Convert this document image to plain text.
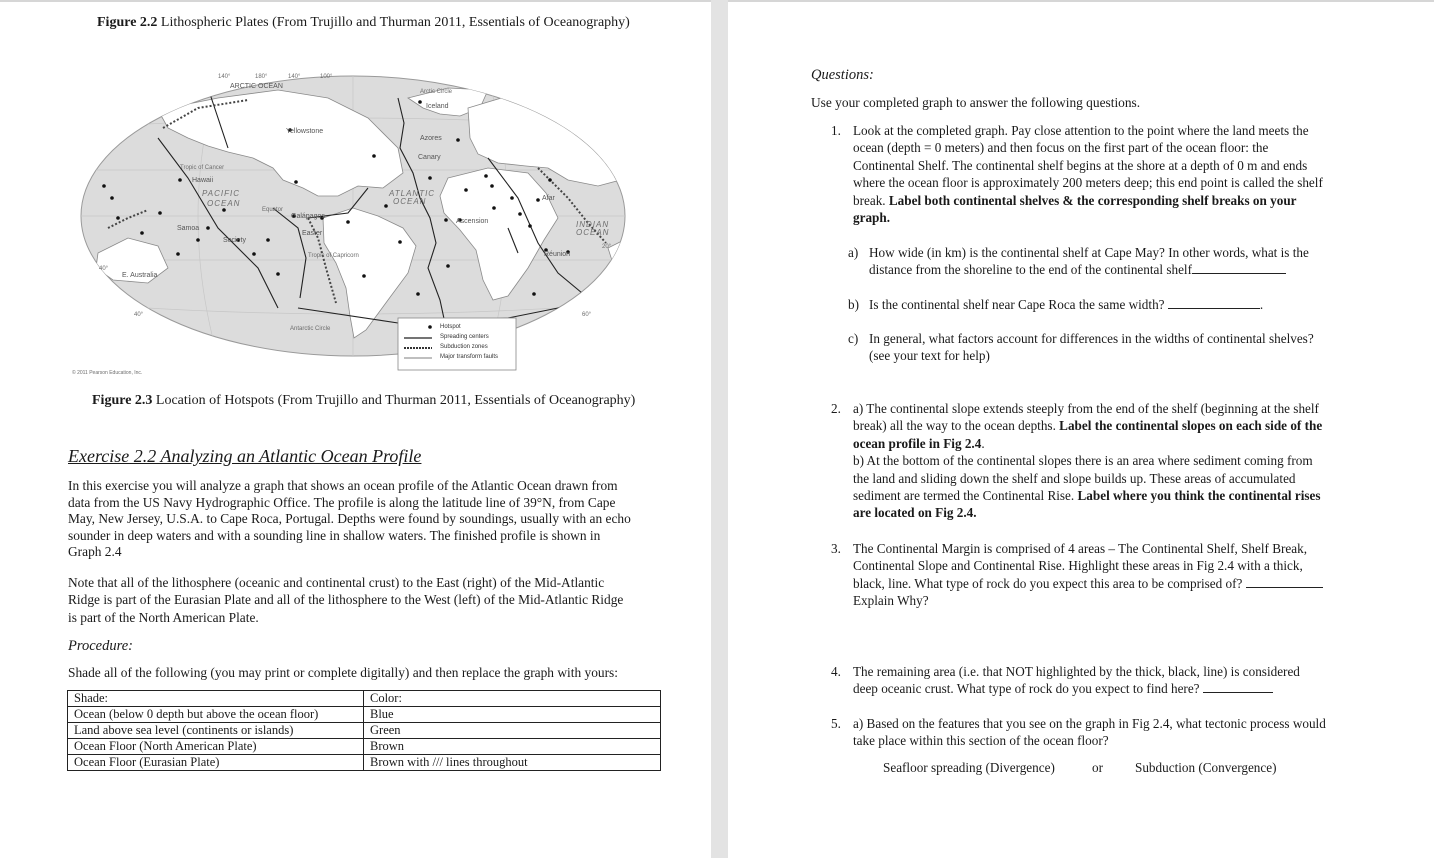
Figure 2.2 Lithospheric Plates (From Trujillo and Thurman 2011, Essentials of Oceanography)
ARCTIC OCEAN
140°	180°	140°	100°
Iceland
Yellowstone
Azores
Canary
Tropic of Cancer
Hawaii
PACIFIC
OCEAN
ATLANTIC
OCEAN
Equator
Afar
Galápagos
Ascension	INDIAN
OCEAN
Samoa
Easter
Society
20°
Tropic of Capricorn	Réunion
40°
E. Australia
40°	60°
Antarctic Circle
Arctic Circle
Hotspot
Spreading centers
Subduction zones
Major transform faults
© 2011 Pearson Education, Inc.
Figure 2.3 Location of Hotspots (From Trujillo and Thurman 2011, Essentials of Oceanography)
Exercise 2.2 Analyzing an Atlantic Ocean Profile
In this exercise you will analyze a graph that shows an ocean profile of the Atlantic Ocean drawn from
data from the US Navy Hydrographic Office. The profile is along the latitude line of 39°N, from Cape
May, New Jersey, U.S.A. to Cape Roca, Portugal. Depths were found by soundings, usually with an echo
sounder in deep waters and with a sounding line in shallow waters. The finished profile is shown in
Graph 2.4
Note that all of the lithosphere (oceanic and continental crust) to the East (right) of the Mid-Atlantic
Ridge is part of the Eurasian Plate and all of the lithosphere to the West (left) of the Mid-Atlantic Ridge
is part of the North American Plate.
Procedure:
Shade all of the following (you may print or complete digitally) and then replace the graph with yours:
Shade:	Color:
Ocean (below 0 depth but above the ocean floor)	Blue
Land above sea level (continents or islands)	Green
Ocean Floor (North American Plate)	Brown
Ocean Floor (Eurasian Plate)	Brown with /// lines throughout
Questions:
Use your completed graph to answer the following questions.
1. Look at the completed graph. Pay close attention to the point where the land meets the
ocean (depth = 0 meters) and then focus on the first part of the ocean floor: the
Continental Shelf. The continental shelf begins at the shore at a depth of 0 m and ends
where the ocean floor is approximately 200 meters deep; this end point is called the shelf
break. Label both continental shelves & the corresponding shelf breaks on your
graph.
a) How wide (in km) is the continental shelf at Cape May? In other words, what is the
distance from the shoreline to the end of the continental shelf
b) Is the continental shelf near Cape Roca the same width?	.
c) In general, what factors account for differences in the widths of continental shelves?
(see your text for help)
2. a) The continental slope extends steeply from the end of the shelf (beginning at the shelf
break) all the way to the ocean depths. Label the continental slopes on each side of the
ocean profile in Fig 2.4.
b) At the bottom of the continental slopes there is an area where sediment coming from
the land and sliding down the shelf and slope builds up. These areas of accumulated
sediment are termed the Continental Rise. Label where you think the continental rises
are located on Fig 2.4.
3. The Continental Margin is comprised of 4 areas – The Continental Shelf, Shelf Break,
Continental Slope and Continental Rise. Highlight these areas in Fig 2.4 with a thick,
black, line. What type of rock do you expect this area to be comprised of?
Explain Why?
4. The remaining area (i.e. that NOT highlighted by the thick, black, line) is considered
deep oceanic crust. What type of rock do you expect to find here?
5. a) Based on the features that you see on the graph in Fig 2.4, what tectonic process would
take place within this section of the ocean floor?
Seafloor spreading (Divergence)	or Subduction (Convergence)
